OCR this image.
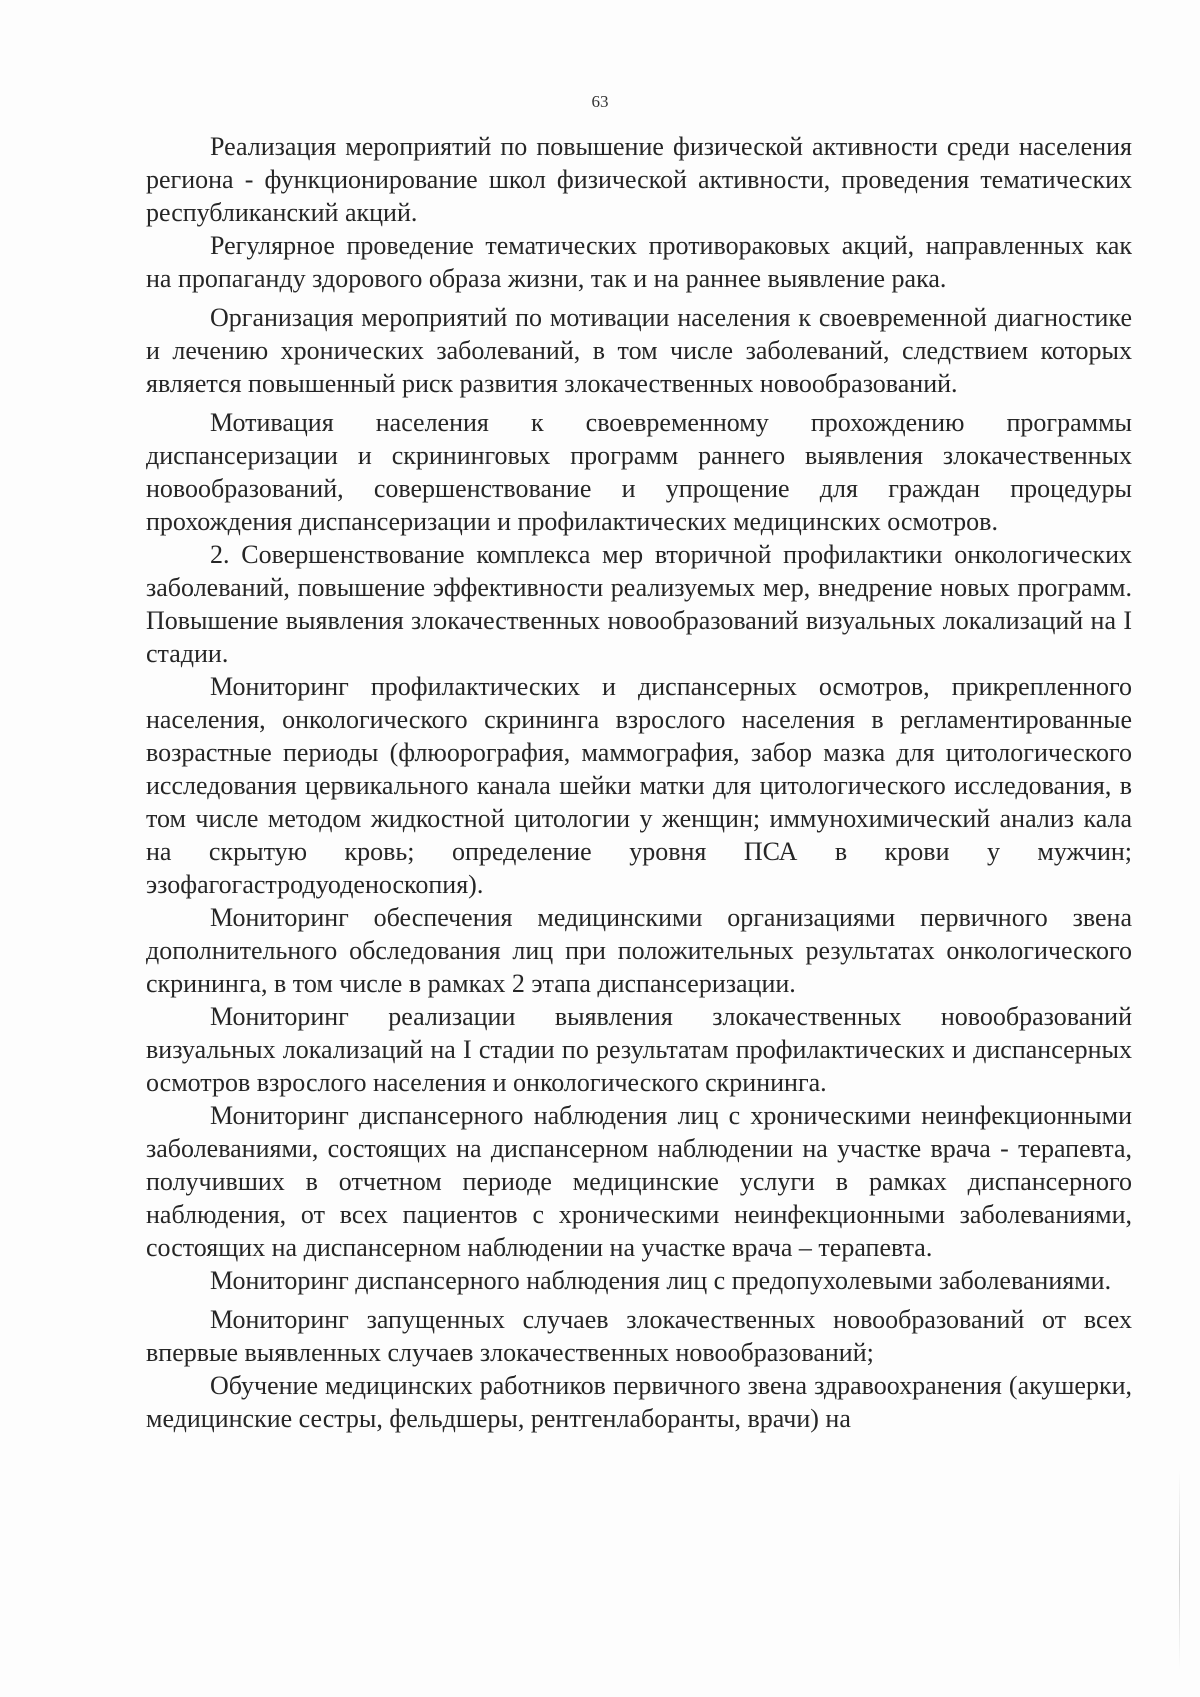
63

Реализация мероприятий по повышение физической активности среди населения региона - функционирование школ физической активности, проведения тематических республиканский акций.

Регулярное проведение тематических противораковых акций, направленных как на пропаганду здорового образа жизни, так и на раннее выявление рака.

Организация мероприятий по мотивации населения к своевременной диагностике и лечению хронических заболеваний, в том числе заболеваний, следствием которых является повышенный риск развития злокачественных новообразований.

Мотивация населения к своевременному прохождению программы диспансеризации и скрининговых программ раннего выявления злокачественных новообразований, совершенствование и упрощение для граждан процедуры прохождения диспансеризации и профилактических медицинских осмотров.

2. Совершенствование комплекса мер вторичной профилактики онкологических заболеваний, повышение эффективности реализуемых мер, внедрение новых программ. Повышение выявления злокачественных новообразований визуальных локализаций на I стадии.

Мониторинг профилактических и диспансерных осмотров, прикрепленного населения, онкологического скрининга взрослого населения в регламентированные возрастные периоды (флюорография, маммография, забор мазка для цитологического исследования цервикального канала шейки матки для цитологического исследования, в том числе методом жидкостной цитологии у женщин; иммунохимический анализ кала на скрытую кровь; определение уровня ПСА в крови у мужчин; эзофагогастродуоденоскопия).

Мониторинг обеспечения медицинскими организациями первичного звена дополнительного обследования лиц при положительных результатах онкологического скрининга, в том числе в рамках 2 этапа диспансеризации.

Мониторинг реализации выявления злокачественных новообразований визуальных локализаций на I стадии по результатам профилактических и диспансерных осмотров взрослого населения и онкологического скрининга.

Мониторинг диспансерного наблюдения лиц с хроническими неинфекционными заболеваниями, состоящих на диспансерном наблюдении на участке врача - терапевта, получивших в отчетном периоде медицинские услуги в рамках диспансерного наблюдения, от всех пациентов с хроническими неинфекционными заболеваниями, состоящих на диспансерном наблюдении на участке врача – терапевта.

Мониторинг диспансерного наблюдения лиц с предопухолевыми заболеваниями.

Мониторинг запущенных случаев злокачественных новообразований от всех впервые выявленных случаев злокачественных новообразований;

Обучение медицинских работников первичного звена здравоохранения (акушерки, медицинские сестры, фельдшеры, рентгенлаборанты, врачи) на
